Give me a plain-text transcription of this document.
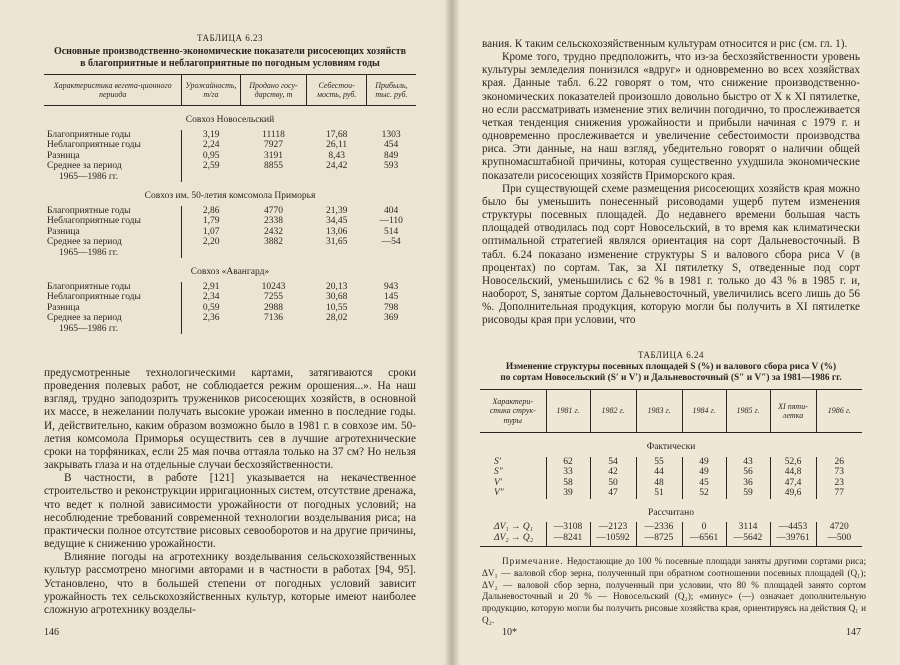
ТАБЛИЦА 6.23
Основные производственно-экономические показатели рисосеющих хозяйств
в благоприятные и неблагоприятные по погодным условиям годы
Характеристика вегета-ционного периода	Урожайность, т/га	Продано госу-дарству, т	Себестои-мость, руб.	Прибыль, тыс. руб.
Совхоз Новосельский				

Благоприятные годы	3,19	11118	17,68	1303

Неблагоприятные годы	2,24	7927	26,11	454

Разница	0,95	3191	8,43	849

Среднее за период
1965—1986 гг.	2,59	8855	24,42	593
Совхоз им. 50-летия комсомола Приморья				

Благоприятные годы	2,86	4770	21,39	404

Неблагоприятные годы	1,79	2338	34,45	—110

Разница	1,07	2432	13,06	514

Среднее за период
1965—1986 гг.	2,20	3882	31,65	—54
Совхоз «Авангард»				

Благоприятные годы	2,91	10243	20,13	943

Неблагоприятные годы	2,34	7255	30,68	145

Разница	0,59	2988	10,55	798

Среднее за период
1965—1986 гг.	2,36	7136	28,02	369

предусмотренные технологическими картами, затягиваются сроки проведения полевых работ, не соблюдается режим орошения...». На наш взгляд, трудно заподозрить тружеников рисосеющих хозяйств, в основной их массе, в нежелании получать высокие урожаи именно в последние годы. И, действительно, каким образом возможно было в 1981 г. в совхозе им. 50-летия комсомола Приморья осуществить сев в лучшие агротехнические сроки на торфяниках, если 25 мая почва оттаяла только на 37 см? Но нельзя закрывать глаза и на отдельные случаи бесхозяйственности.

В частности, в работе [121] указывается на некачественное строительство и реконструкции ирригационных систем, отсутствие дренажа, что ведет к полной зависимости урожайности от погодных условий; на несоблюдение требований современной технологии возделывания риса; на практически полное отсутствие рисовых севооборотов и на другие причины, ведущие к снижению урожайности.

Влияние погоды на агротехнику возделывания сельскохозяйственных культур рассмотрено многими авторами и в частности в работах [94, 95]. Установлено, что в большей степени от погодных условий зависит урожайность тех сельскохозяйственных культур, которые имеют наиболее сложную агротехнику возделы-

146

вания. К таким сельскохозяйственным культурам относится и рис (см. гл. 1).

Кроме того, трудно предположить, что из-за бесхозяйственности уровень культуры земледелия понизился «вдруг» и одновременно во всех хозяйствах края. Данные табл. 6.22 говорят о том, что снижение производственно-экономических показателей произошло довольно быстро от Х к XI пятилетке, но если рассматривать изменение этих величин погодично, то прослеживается четкая тенденция снижения урожайности и прибыли начиная с 1979 г. и одновременно прослеживается и увеличение себестоимости производства риса. Эти данные, на наш взгляд, убедительно говорят о наличии общей крупномасштабной причины, которая существенно ухудшила экономические показатели рисосеющих хозяйств Приморского края.

При существующей схеме размещения рисосеющих хозяйств края можно было бы уменьшить понесенный рисоводами ущерб путем изменения структуры посевных площадей. До недавнего времени большая часть площадей отводилась под сорт Новосельский, в то время как климатически оптимальной стратегией являлся ориентация на сорт Дальневосточный. В табл. 6.24 показано изменение структуры S и валового сбора риса V (в процентах) по сортам. Так, за XI пятилетку S, отведенные под сорт Новосельский, уменьшились с 62 % в 1981 г. только до 43 % в 1985 г. и, наоборот, S, занятые сортом Дальневосточный, увеличились всего лишь до 56 %. Дополнительная продукция, которую могли бы получить в XI пятилетке рисоводы края при условии, что

ТАБЛИЦА 6.24
Изменение структуры посевных площадей S (%) и валового сбора риса V (%)
по сортам Новосельский (S′ и V′) и Дальневосточный (S″ и V″) за 1981—1986 гг.
Характери-стика струк-туры	1981 г.	1982 г.	1983 г.	1984 г.	1985 г.	XI пяти-летка	1986 г.
Фактически							
S′	62	54	55	49	43	52,6	26
S″	33	42	44	49	56	44,8	73
V′	58	50	48	45	36	47,4	23
V″	39	47	51	52	59	49,6	77
Рассчитано							
ΔV₁ → Q₁	—3108	—2123	—2336	0	3114	—4453	4720
ΔV₂ → Q₂	—8241	—10592	—8725	—6561	—5642	—39761	—500

Примечание. Недостающие до 100 % посевные площади заняты другими сортами риса; ΔV₁ — валовой сбор зерна, полученный при обратном соотношении посевных площадей (Q₁); ΔV₂ — валовой сбор зерна, полученный при условии, что 80 % площадей занято сортом Дальневосточный и 20 % — Новосельский (Q₂); «минус» (—) означает дополнительную продукцию, которую могли бы получить рисовые хозяйства края, ориентируясь на действия Q₁ и Q₂.

10*	147
